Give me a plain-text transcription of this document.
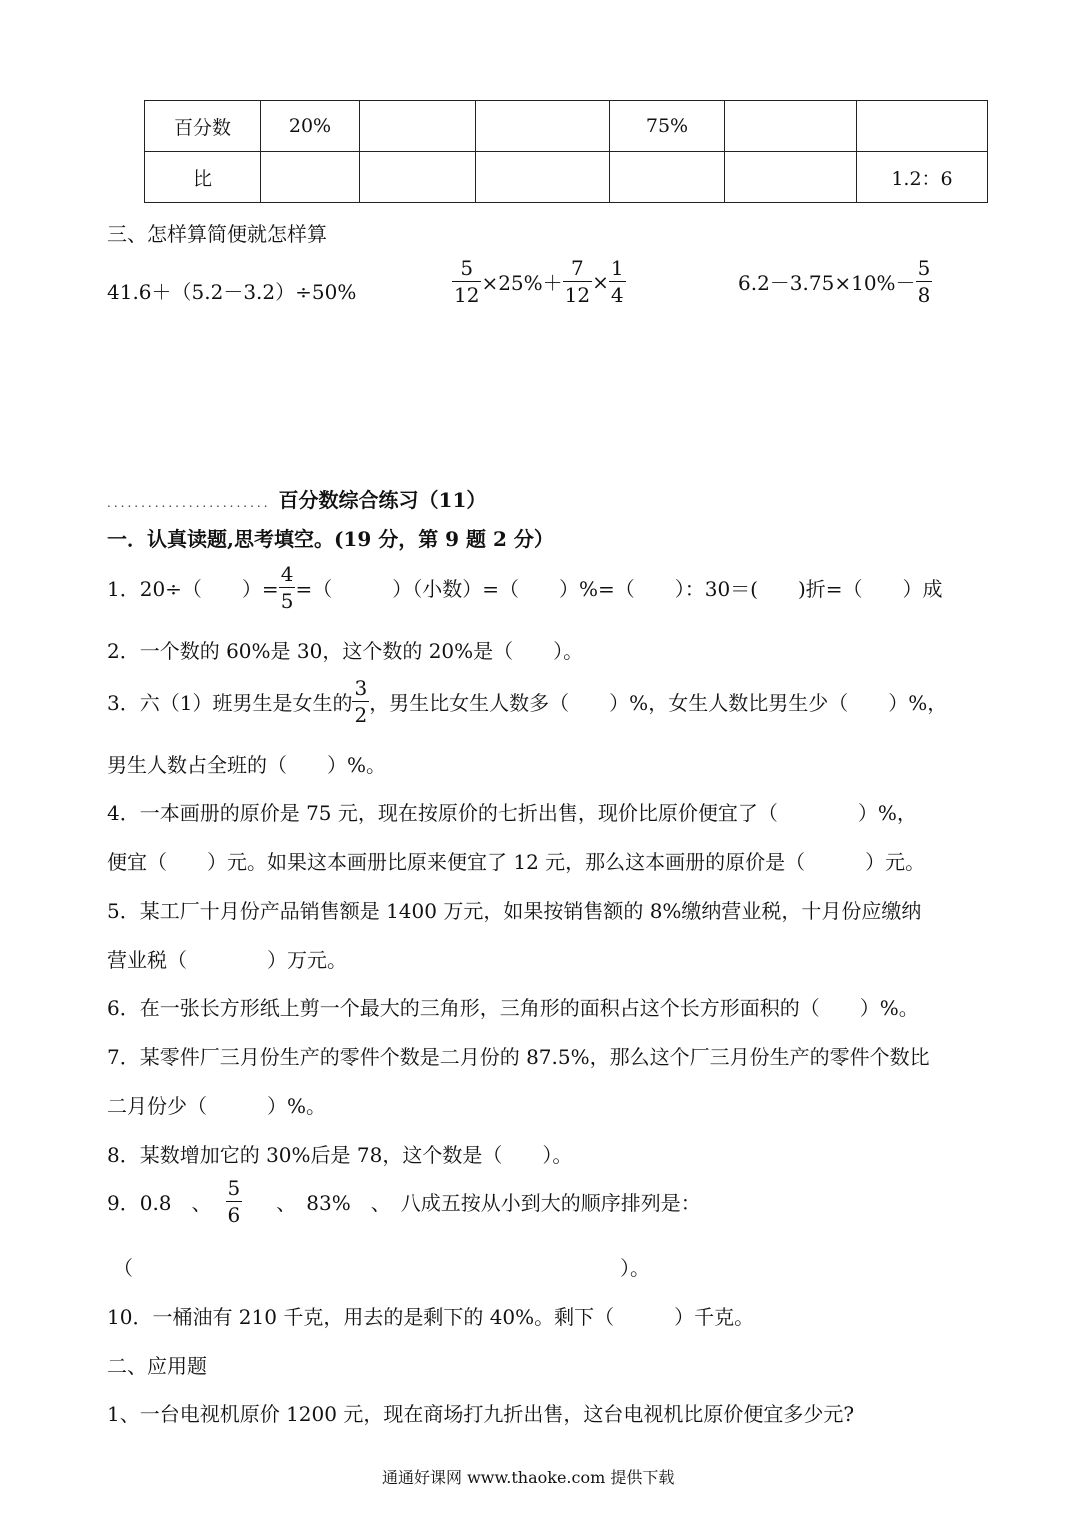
百分数	20%			75%		
比						1.2：6
三、怎样算简便就怎样算
41.6＋（5.2－3.2）÷50%	$\frac{5}{12} \times 25\%+ \frac{7}{12} \times \frac{1}{4}$	$6.2-3.75\times 10\%- \frac{5}{8}$
........................ 百分数综合练习（11）
一．认真读题,思考填空。(19 分，第 9 题 2 分）
1．20÷（　　）= $\frac{4}{5}$ =（　　　）（小数）=（　　）%=（　　）：30＝(　　)折=（　　）成
2．一个数的 60%是 30，这个数的 20%是（　　）。
3．六（1）班男生是女生的 $\frac{3}{2}$ ，男生比女生人数多（　　）%，女生人数比男生少（　　）%，
男生人数占全班的（　　）%。
4．一本画册的原价是 75 元，现在按原价的七折出售，现价比原价便宜了（　　　　）%，
便宜（　　）元。如果这本画册比原来便宜了 12 元，那么这本画册的原价是（　　　）元。
5．某工厂十月份产品销售额是 1400 万元，如果按销售额的 8%缴纳营业税，十月份应缴纳
营业税（　　　　）万元。
6．在一张长方形纸上剪一个最大的三角形，三角形的面积占这个长方形面积的（　　）%。
7．某零件厂三月份生产的零件个数是二月份的 87.5%，那么这个厂三月份生产的零件个数比
二月份少（　　　）%。
8．某数增加它的 30%后是 78，这个数是（　　）。
9．0.8　、 $\frac{5}{6}$ 　、　83%　、　八成五按从小到大的顺序排列是：
（	）。
10．一桶油有 210 千克，用去的是剩下的 40%。剩下（　　　）千克。
二、应用题
1、一台电视机原价 1200 元，现在商场打九折出售，这台电视机比原价便宜多少元?
通通好课网 www.thaoke.com 提供下载
